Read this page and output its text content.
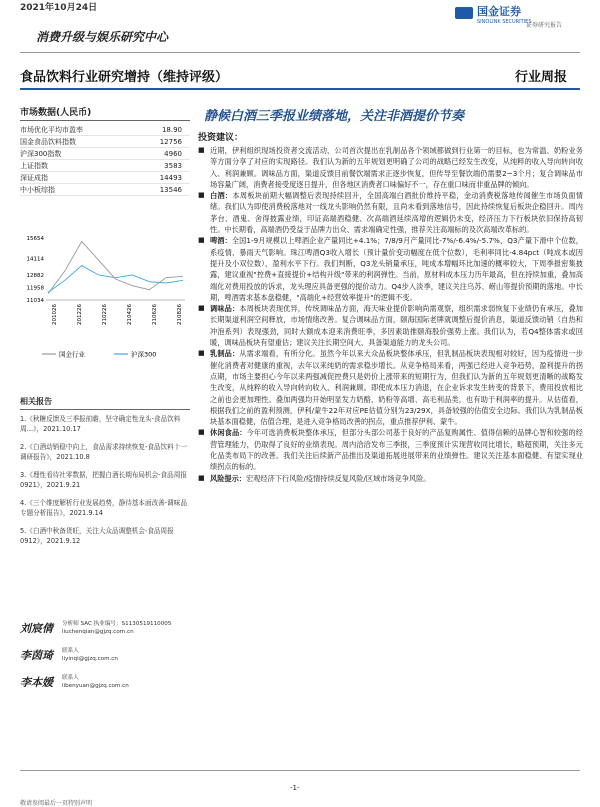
2021年10月24日	国金证券
SINOLINK SECURITIES
证券研究报告
消费升级与娱乐研究中心
食品饮料行业研究增持（维持评级）	行业周报
市场数据(人民币)
市场优化平均市盈率	18.90
国金食品饮料指数	12756
沪深300指数	4960
上证指数	3583
深证成指	14493
中小板综指	13546
15654
14114
12882
11958
11034
201026	201226	210226	210426	210626	210826
国金行业	沪深300
相关报告
1.《秋糖反馈及三季报前瞻，坚守确定性龙头-食品饮料周…》，2021.10.17
2.《白酒动销稳中向上，食品需求持续恢复-食品饮料十一调研报告》，2021.10.8
3.《理性看待社零数据，把握白酒长期布局机会-食品周报0921》，2021.9.21
4.《三个维度解析行业发展趋势，静待基本面改善-调味品专题分析报告》，2021.9.14
5.《白酒中秋备货旺，关注大众品调整机会-食品周报0912》，2021.9.12
刘宸倩 分析师 SAC 执业编号：S1130519110005
liuchenqian@gjzq.com.cn
李茵琦 联系人
liyinqi@gjzq.com.cn
李本媛 联系人
libenyuan@gjzq.com.cn
静候白酒三季报业绩落地，关注非酒提价节奏
投资建议：
■ 近期，伊利组织现场投资者交流活动，公司首次提出在乳制品各个领域都做到行业第一的目标，也为常温、奶粉业务等方面分享了对应的实现路径。我们认为新的五年规划更明确了公司的战略已经发生改变，从纯粹的收入导向转向收入、利润兼顾。调味品方面，渠道反馈目前餐饮端需求正逐步恢复，但传导至餐饮端仍需要2~3个月；复合调味品市场容量广阔，消费者接受度逐日提升，但各地区消费者口味偏好不一，存在重口味而非重品牌的倾向。
■ 白酒：本周板块前期大幅调整后表现持续回升，全国高端白酒批价维持平稳，金动消费税落地传闻催生市场负面情绪。我们认为即使消费税落地对一线龙头影响仍然有限，且尚未看到落地信号，因此持续恢复后板块企稳回升。周内茅台、酒鬼、舍得披露业绩，印证高端酒稳健、次高端酒延续高增的逻辑仍未变，经济压力下行板块依旧保持高韧性。中长期看，高端酒仍受益于品牌力出众、需求端确定性强，推荐关注高端标的及次高端改革标的。
■ 啤酒：全国1-9月规模以上啤酒企业产量同比+4.1%；7/8/9月产量同比-7%/-6.4%/-5.7%，Q3产量下滑中个位数，系疫情、暴雨天气影响。珠江啤酒Q3收入增长（预计量价变动幅度在低个位数），毛利率同比-4.84pct（吨成本或因提升及小双位数），盈利水平下行。我们判断，Q3龙头销量承压，吨成本增幅环比加速的概率较大，下周季报密集披露，建议重视"控费+直接提价+结构升级"带来的利润弹性。当前，原材料成本压力历年最高，但在持续加重，叠加高端化对费用投放的诉求，龙头理应具备更强的提价动力。Q4步入淡季，建议关注乌苏、崂山等提价预期的落地。中长期，啤酒需求基本盘稳健，"高端化+经营效率提升"的逻辑不变。
■ 调味品：本周板块表现优异，传统调味品方面，海天味业提价影响尚需观察，组织需求弱恢复下业绩仍有承压，叠加长期渠道利润空间释放，市场情绪改善。复合调味品方面，颐海国际老牌就调整后提价消息，渠道反馈动销（自热和冲泡系列）表现强劲，同时大额成本迎来消费旺季，多因素助推颐海股价强势上涨。我们认为，若Q4整体需求或回暖，调味品板块有望重估；建议关注长期空间大、具备渠道能力的龙头公司。
■ 乳制品：从需求端看，有所分化。虽然今年以来大众品板块整体承压，但乳制品板块表现相对较好，因为疫情进一步催化消费者对健康的重视，去年以来纯奶的需求稳步增长。从竞争格局来看，两强已经进入竞争趋势，盈利提升的拐点期，市场主要担心今年以来两强减促控费只是奶价上涨带来的短期行为，但我们认为新的五年规划更清晰的战略发生改变，从纯粹的收入导向转向收入、利润兼顾。即使成本压力消退，在企业诉求发生转变的背景下，费用投放相比之前也会更加理性。叠加两强均开始明显发力奶酪、奶粉等高增、高毛利品类，也有助于利润率的提升。从估值看，根据我们之前的盈利预测，伊利/蒙牛22年对应PE估值分别为23/29X，具备较强的估值安全边际。我们认为乳制品板块基本面稳健，估值合理，是进入竞争格局改善的拐点，重点推荐伊利、蒙牛。
■ 休闲食品：今年可选消费板块整体承压，但部分头部公司基于良好的产品复购属性、值得信赖的品牌心智和较强的经营管理能力，仍取得了良好的业绩表现。周内洽洽发布三季报，三季度预计实现营收同比增长，略超预期，关注多元化品类布局下的改善。我们关注后续新产品推出及渠道拓展进展带来的业绩弹性。建议关注基本面稳健、有望实现业绩拐点的标的。
■ 风险提示：宏观经济下行风险/疫情持续反复风险/区域市场竞争风险。
-1-
敬请参阅最后一页特别声明
